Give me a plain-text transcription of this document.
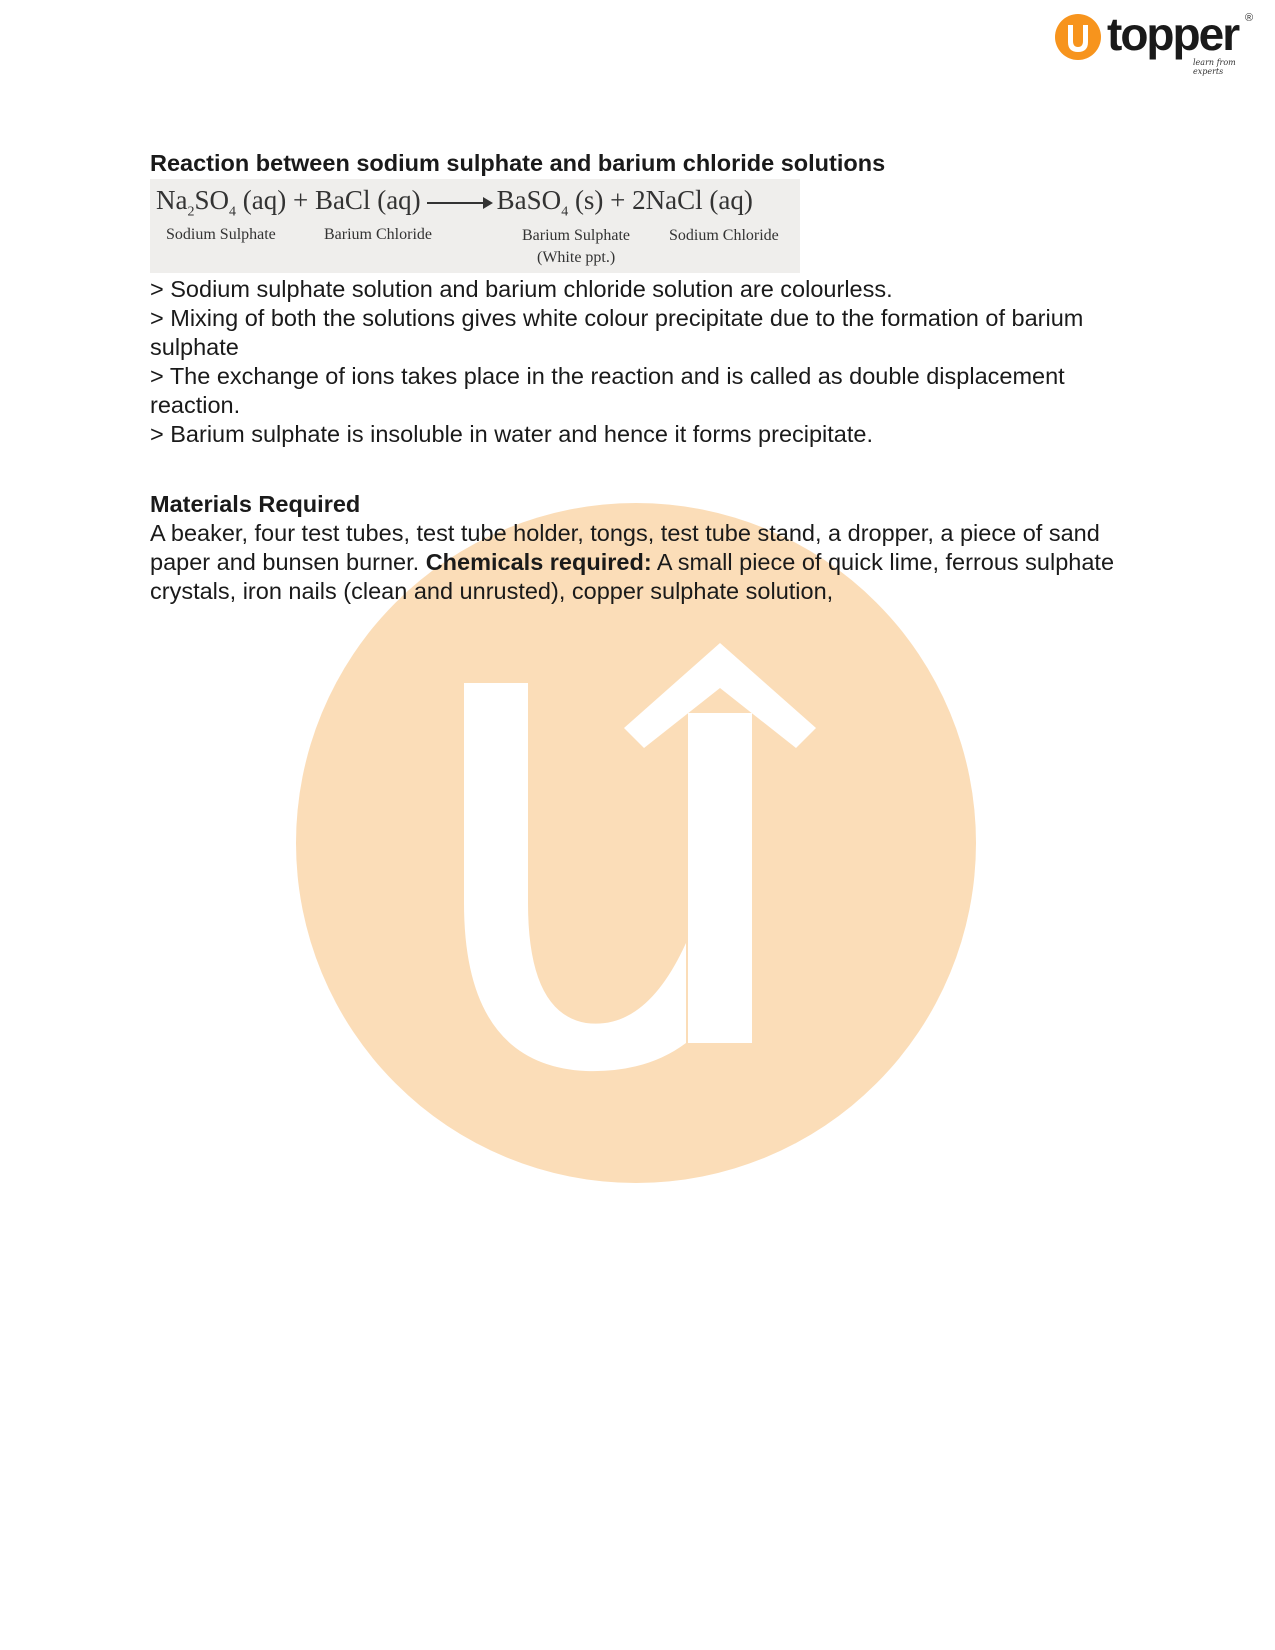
topper
learn from experts
®
Reaction between sodium sulphate and barium chloride solutions
$Na_2SO_4$ (aq) + BaCl (aq) → BaSO$_4$ (s) + 2NaCl (aq)
Sodium Sulphate	Barium Chloride	Barium Sulphate
(White ppt.)
Sodium Chloride

> Sodium sulphate solution and barium chloride solution are colourless.

> Mixing of both the solutions gives white colour precipitate due to the formation of barium sulphate

> The exchange of ions takes place in the reaction and is called as double displacement reaction.

> Barium sulphate is insoluble in water and hence it forms precipitate.

Materials Required

A beaker, four test tubes, test tube holder, tongs, test tube stand, a dropper, a piece of sand paper and bunsen burner. Chemicals required: A small piece of quick lime, ferrous sulphate crystals, iron nails (clean and unrusted), copper sulphate solution,
